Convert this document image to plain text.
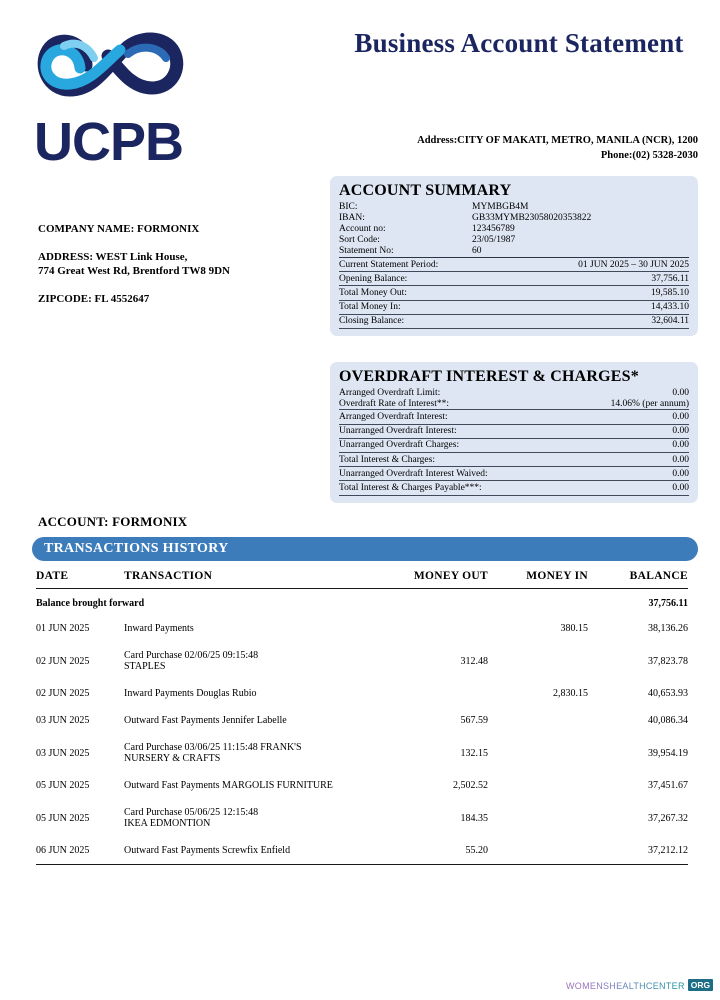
UCPB
Business Account Statement
Address:CITY OF MAKATI, METRO, MANILA (NCR), 1200
Phone:(02) 5328-2030
COMPANY NAME: FORMONIX
ADDRESS: WEST Link House,
774 Great West Rd, Brentford TW8 9DN
ZIPCODE: FL 4552647
ACCOUNT SUMMARY
BIC:	MYMBGB4M
IBAN:	GB33MYMB23058020353822
Account no:	123456789
Sort Code:	23/05/1987
Statement No:	60
Current Statement Period:	01 JUN 2025 – 30 JUN 2025
Opening Balance:	37,756.11
Total Money Out:	19,585.10
Total Money In:	14,433.10
Closing Balance:	32,604.11
OVERDRAFT INTEREST & CHARGES*
Arranged Overdraft Limit:	0.00
Overdraft Rate of Interest**:	14.06% (per annum)
Arranged Overdraft Interest:	0.00
Unarranged Overdraft Interest:	0.00
Unarranged Overdraft Charges:	0.00
Total Interest & Charges:	0.00
Unarranged Overdraft Interest Waived:	0.00
Total Interest & Charges Payable***:	0.00
ACCOUNT: FORMONIX
TRANSACTIONS HISTORY
DATE	TRANSACTION	MONEY OUT	MONEY IN	BALANCE
Balance brought forward				37,756.11
01 JUN 2025	Inward Payments		380.15	38,136.26
02 JUN 2025	Card Purchase 02/06/25 09:15:48
STAPLES	312.48		37,823.78
02 JUN 2025	Inward Payments Douglas Rubio		2,830.15	40,653.93
03 JUN 2025	Outward Fast Payments Jennifer Labelle	567.59		40,086.34
03 JUN 2025	Card Purchase 03/06/25 11:15:48 FRANK'S
NURSERY & CRAFTS	132.15		39,954.19
05 JUN 2025	Outward Fast Payments MARGOLIS FURNITURE	2,502.52		37,451.67
05 JUN 2025	Card Purchase 05/06/25 12:15:48
IKEA EDMONTION	184.35		37,267.32
06 JUN 2025	Outward Fast Payments Screwfix Enfield	55.20		37,212.12

WOMENSHEALTHCENTER ORG
